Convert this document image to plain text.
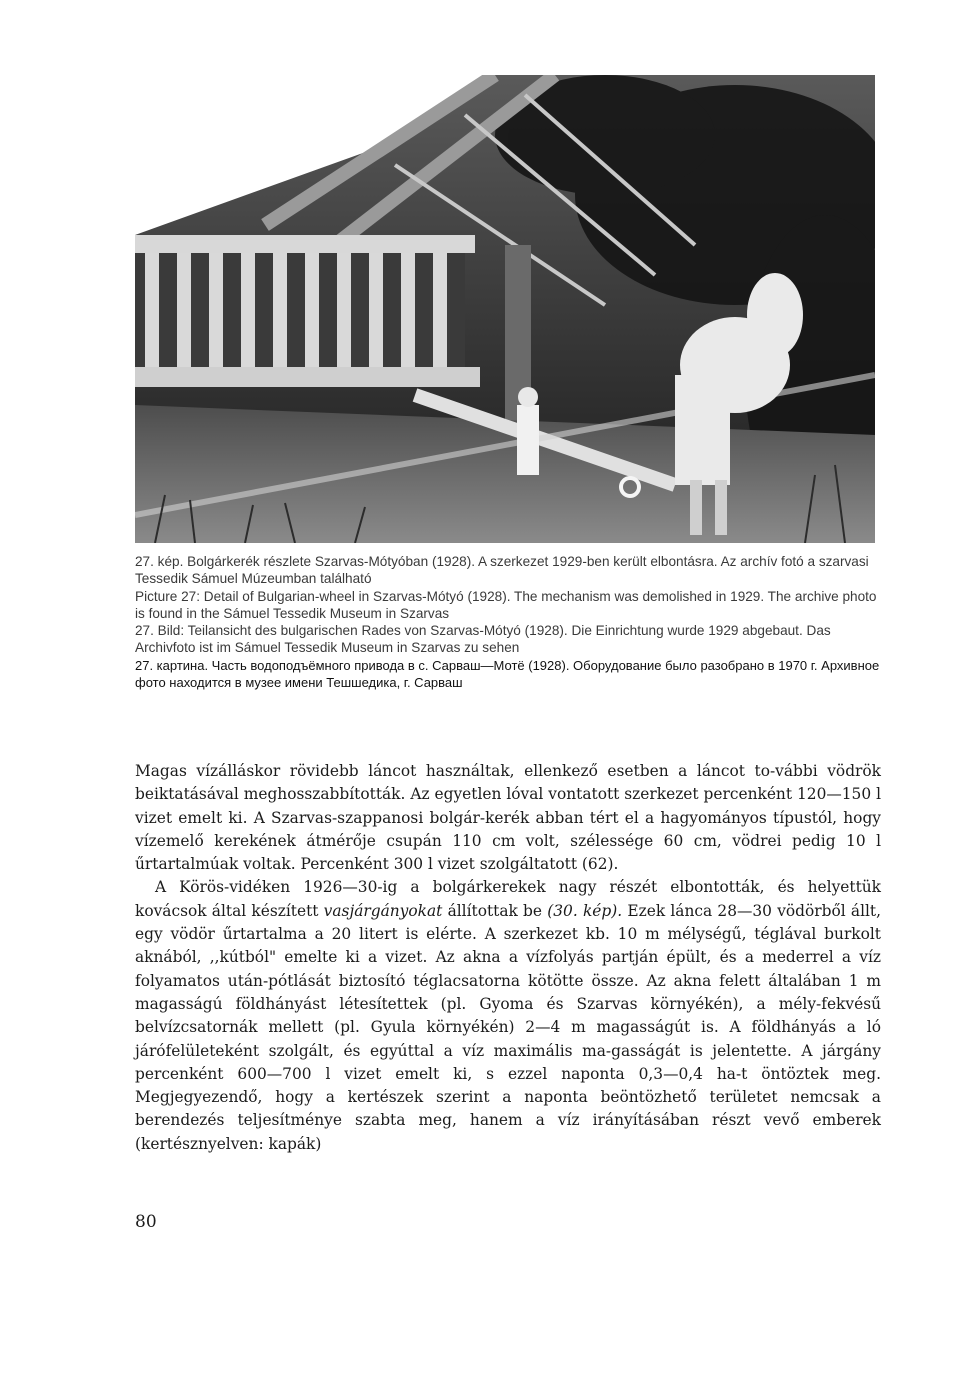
27. kép. Bolgárkerék részlete Szarvas-Mótyóban (1928). A szerkezet 1929-ben került elbontásra. Az archív fotó a szarvasi Tessedik Sámuel Múzeumban található

Picture 27: Detail of Bulgarian-wheel in Szarvas-Mótyó (1928). The mechanism was demolished in 1929. The archive photo is found in the Sámuel Tessedik Museum in Szarvas

27. Bild: Teilansicht des bulgarischen Rades von Szarvas-Mótyó (1928). Die Einrichtung wurde 1929 abgebaut. Das Archivfoto ist im Sámuel Tessedik Museum in Szarvas zu sehen

27. картина. Часть водоподъёмного привода в с. Сарваш—Мотё (1928). Оборудование было разобрано в 1970 г. Архивное фото находится в музее имени Тешшедика, г. Сарваш

Magas vízálláskor rövidebb láncot használtak, ellenkező esetben a láncot to-vábbi vödrök beiktatásával meghosszabbították. Az egyetlen lóval vontatott szerkezet percenként 120—150 l vizet emelt ki. A Szarvas-szappanosi bolgár-kerék abban tért el a hagyományos típustól, hogy vízemelő kerekének átmérője csupán 110 cm volt, szélessége 60 cm, vödrei pedig 10 l űrtartalmúak voltak. Percenként 300 l vizet szolgáltatott (62).

A Körös-vidéken 1926—30-ig a bolgárkerekek nagy részét elbontották, és helyettük kovácsok által készített vasjárgányokat állítottak be (30. kép). Ezek lánca 28—30 vödörből állt, egy vödör űrtartalma a 20 litert is elérte. A szerkezet kb. 10 m mélységű, téglával burkolt aknából, ,,kútból" emelte ki a vizet. Az akna a vízfolyás partján épült, és a mederrel a víz folyamatos után-pótlását biztosító téglacsatorna kötötte össze. Az akna felett általában 1 m magasságú földhányást létesítettek (pl. Gyoma és Szarvas környékén), a mély-fekvésű belvízcsatornák mellett (pl. Gyula környékén) 2—4 m magasságút is. A földhányás a ló járófelületeként szolgált, és egyúttal a víz maximális ma-gasságát is jelentette. A járgány percenként 600—700 l vizet emelt ki, s ezzel naponta 0,3—0,4 ha-t öntöztek meg. Megjegyezendő, hogy a kertészek szerint a naponta beöntözhető területet nemcsak a berendezés teljesítménye szabta meg, hanem a víz irányításában részt vevő emberek (kertésznyelven: kapák)

80
